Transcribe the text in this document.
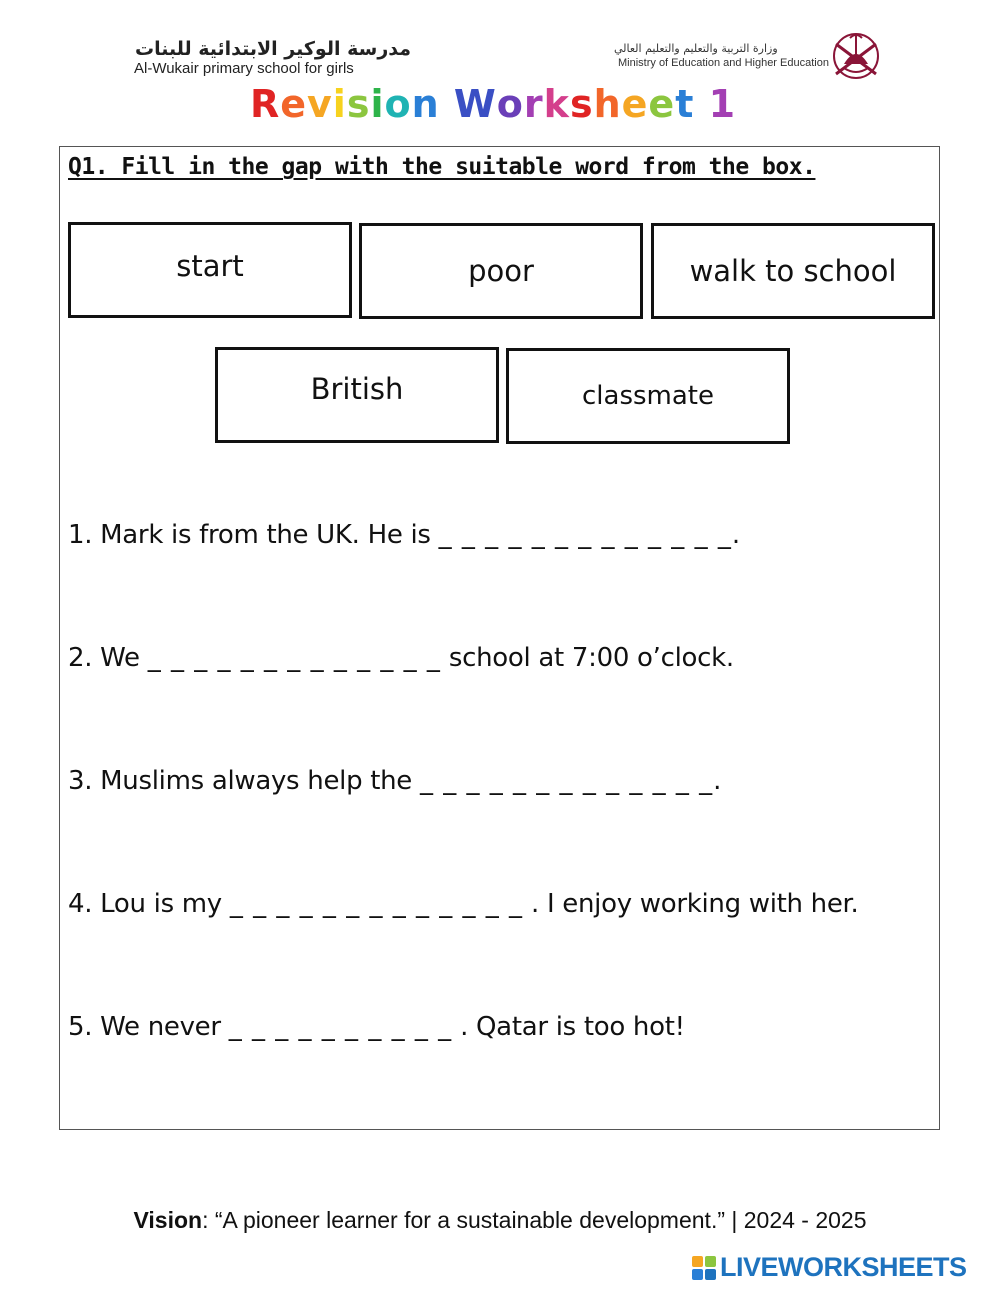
مدرسة الوكير الابتدائية للبنات
Al-Wukair primary school for girls
وزارة التربية والتعليم والتعليم العالي
Ministry of Education and Higher Education
Revision Worksheet 1
Q1. Fill in the gap with the suitable word from the box.
start	poor	walk to school
British	classmate
1. Mark is from the UK. He is _ _ _ _ _ _ _ _ _ _ _ _ _.
2. We _ _ _ _ _ _ _ _ _ _ _ _ _ school at 7:00 o’clock.
3. Muslims always help the _ _ _ _ _ _ _ _ _ _ _ _ _.
4. Lou is my _ _ _ _ _ _ _ _ _ _ _ _ _ . I enjoy working with her.
5. We never _ _ _ _ _ _ _ _ _ _ . Qatar is too hot!
Vision: “A pioneer learner for a sustainable development.” | 2024 - 2025
LIVEWORKSHEETS
